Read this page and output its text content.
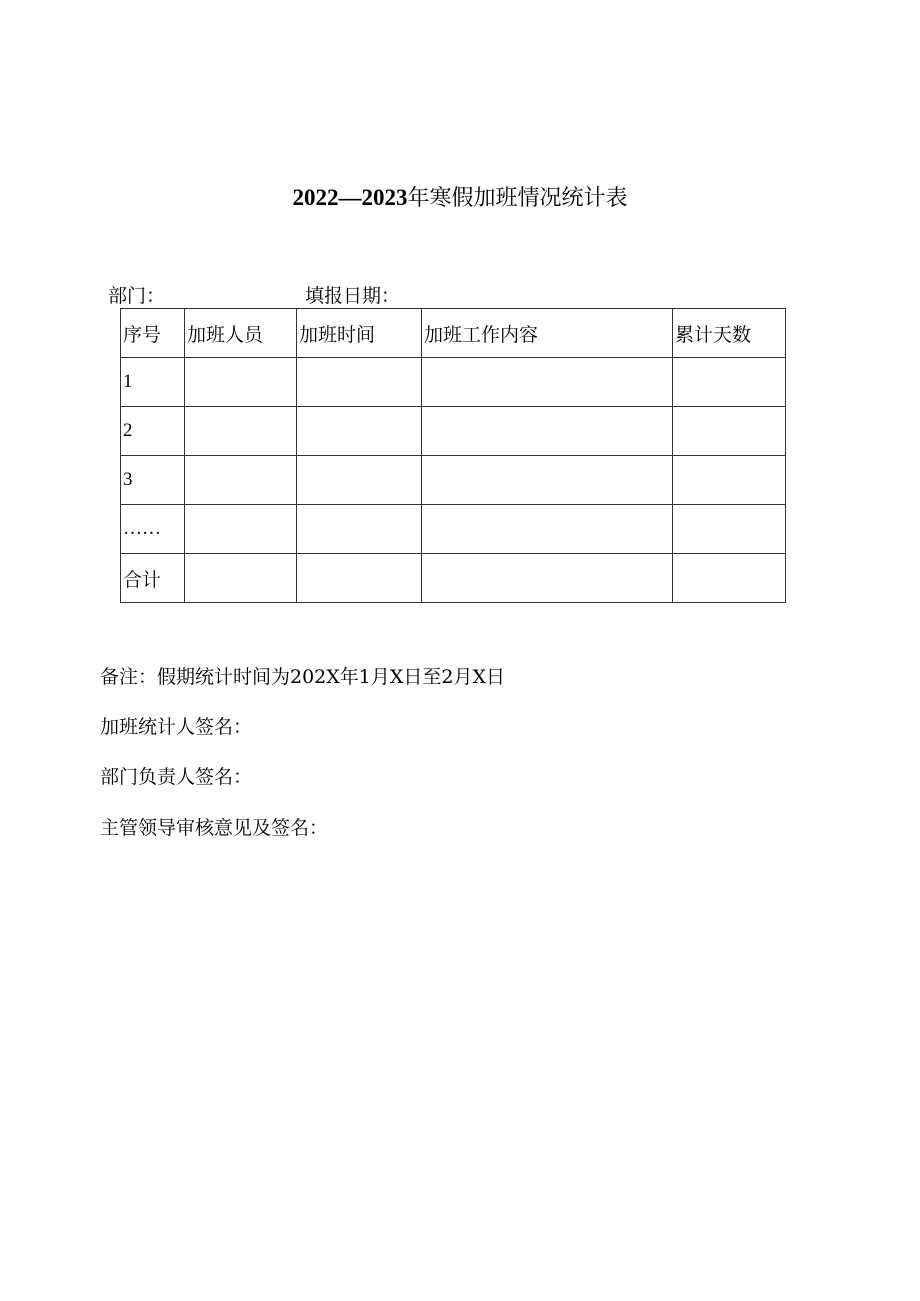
2022—2023年寒假加班情况统计表
部门：	填报日期：
序号	加班人员	加班时间	加班工作内容	累计天数
1				
2				
3				
……				
合计				
备注：假期统计时间为202X年1月X日至2月X日
加班统计人签名：
部门负责人签名：
主管领导审核意见及签名：
